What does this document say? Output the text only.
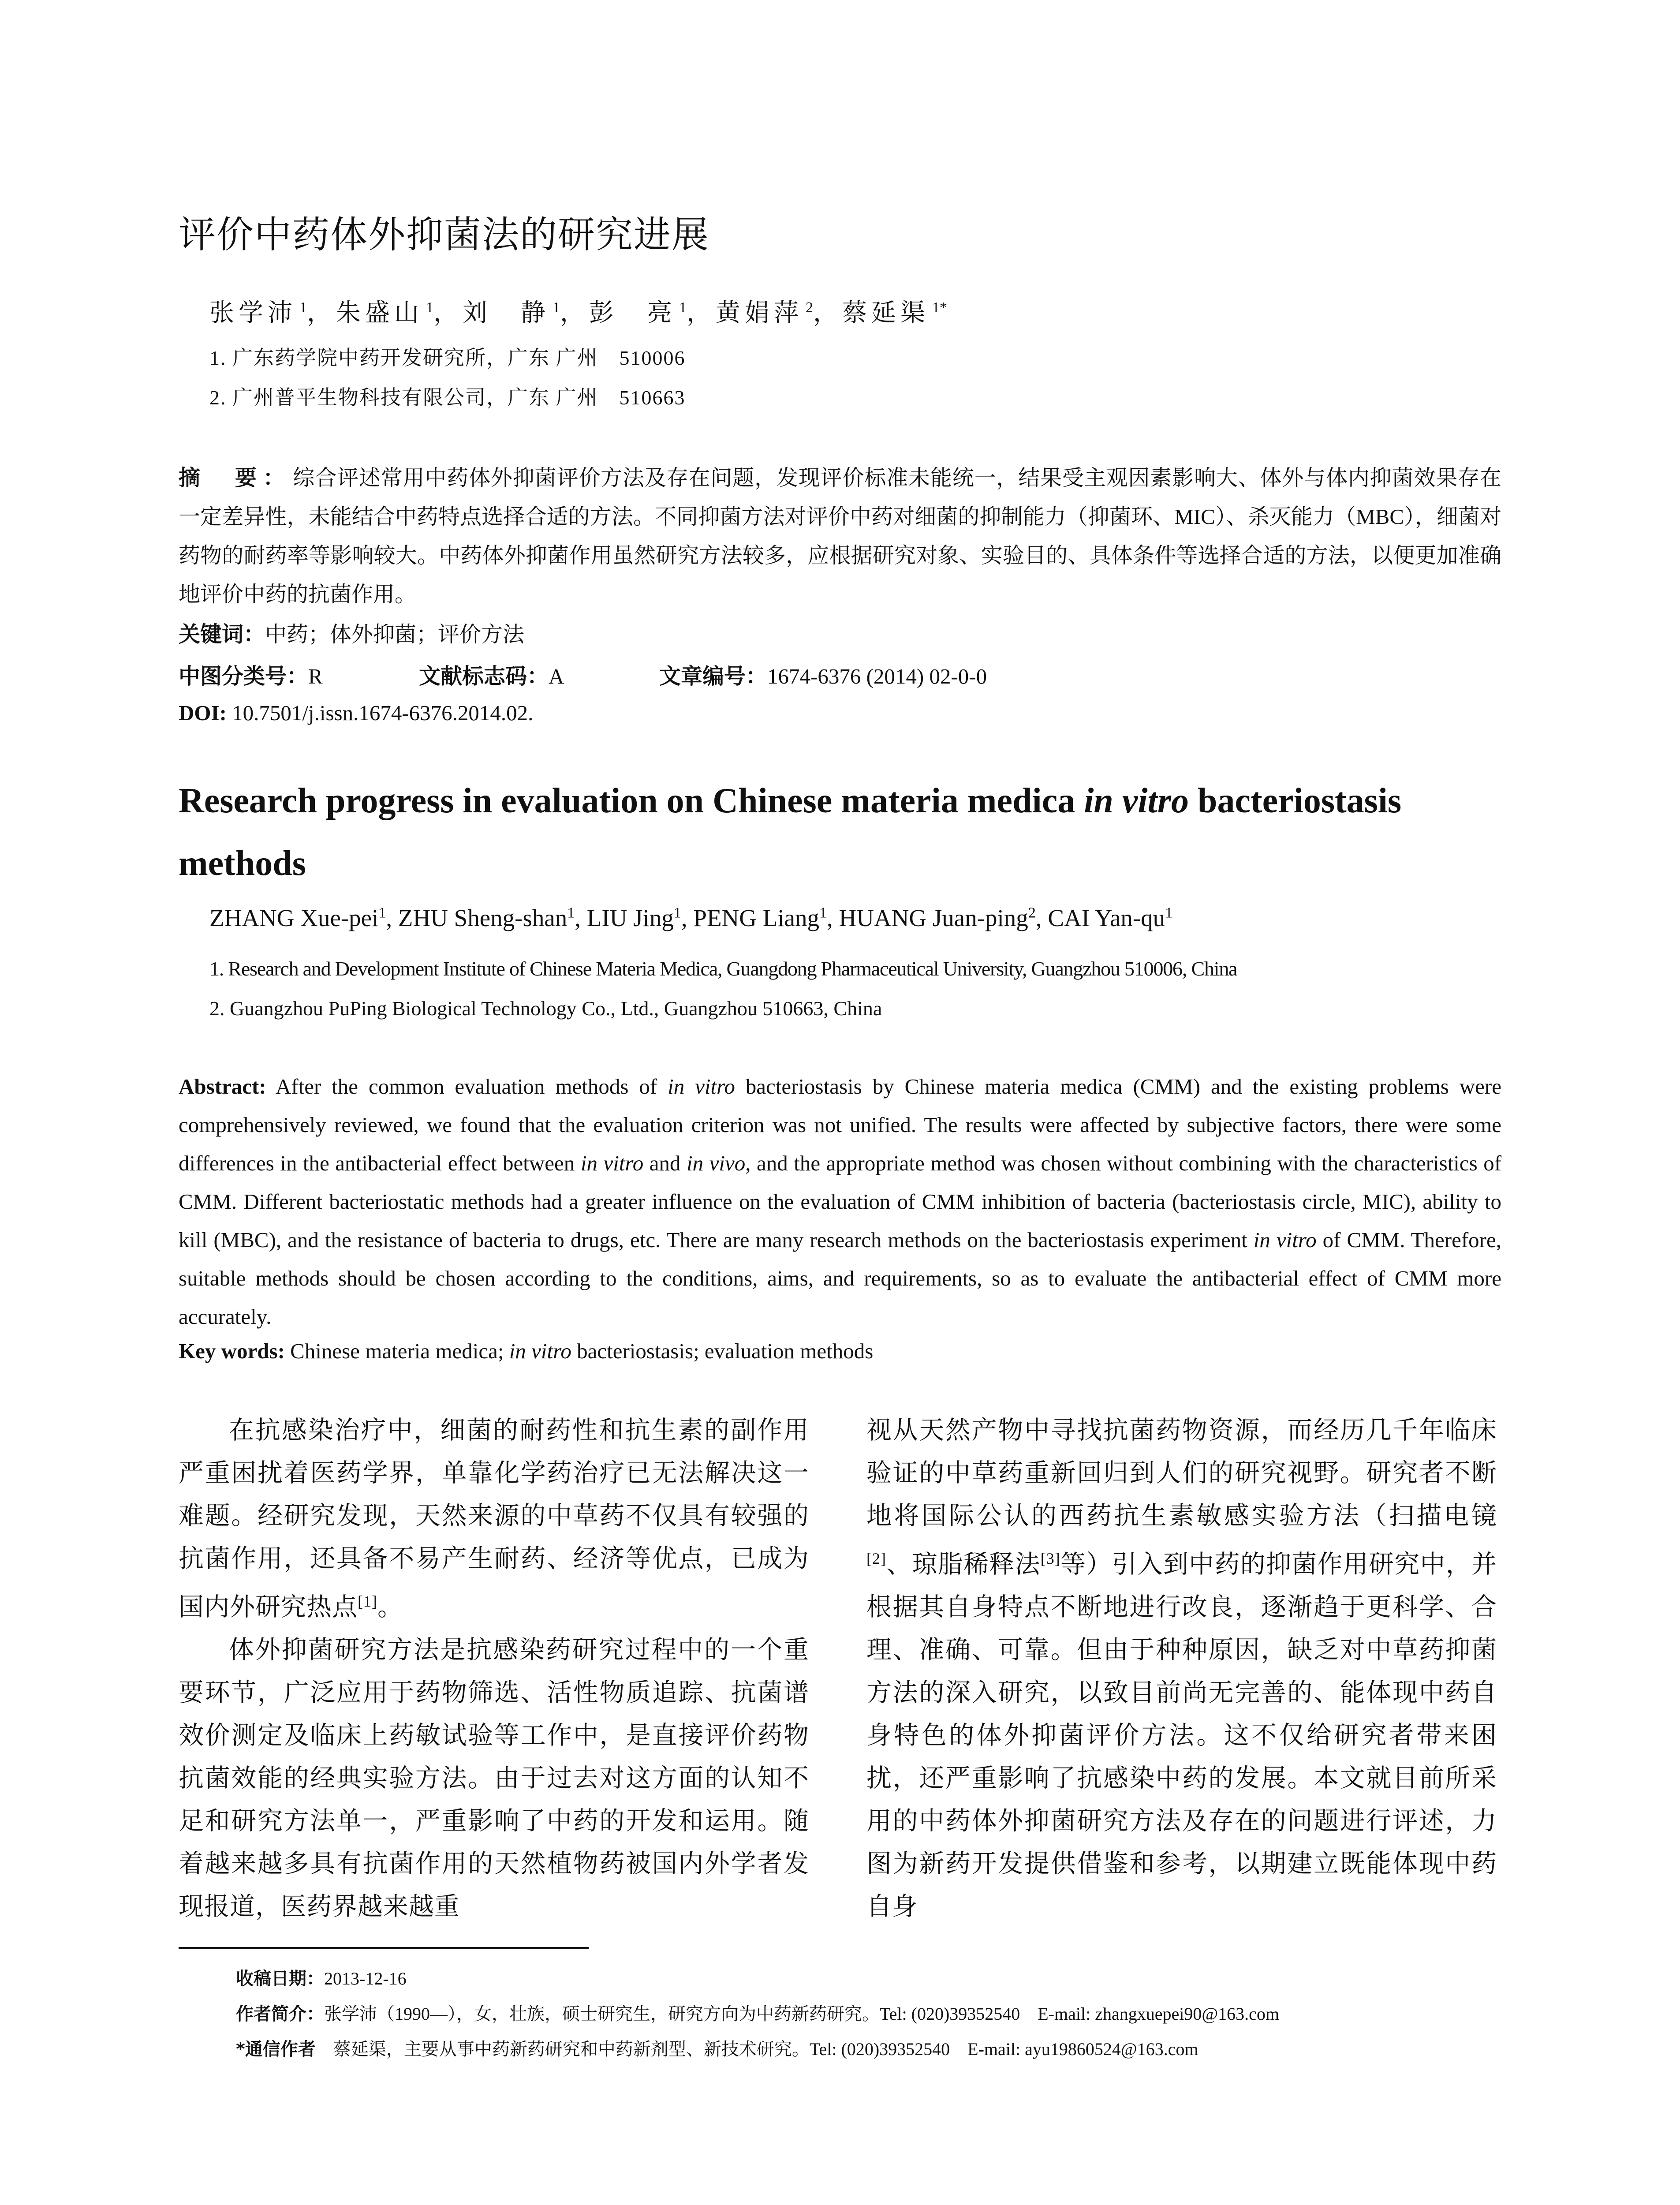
评价中药体外抑菌法的研究进展
张学沛 $^1$，朱盛山 $^1$，刘　静 $^1$，彭　亮 $^1$，黄娟萍 $^2$，蔡延渠 $^{1*}$
1. 广东药学院中药开发研究所，广东 广州　510006
2. 广州普平生物科技有限公司，广东 广州　510663
摘　要：综合评述常用中药体外抑菌评价方法及存在问题，发现评价标准未能统一，结果受主观因素影响大、体外与体内抑菌效果存在一定差异性，未能结合中药特点选择合适的方法。不同抑菌方法对评价中药对细菌的抑制能力（抑菌环、MIC）、杀灭能力（MBC），细菌对药物的耐药率等影响较大。中药体外抑菌作用虽然研究方法较多，应根据研究对象、实验目的、具体条件等选择合适的方法，以便更加准确地评价中药的抗菌作用。
关键词：中药；体外抑菌；评价方法
中图分类号：R	文献标志码：A	文章编号：1674-6376 (2014) 02-0-0
DOI: 10.7501/j.issn.1674-6376.2014.02.
Research progress in evaluation on Chinese materia medica in vitro bacteriostasis methods
ZHANG Xue-pei$^1$, ZHU Sheng-shan$^1$, LIU Jing$^1$, PENG Liang$^1$, HUANG Juan-ping$^2$, CAI Yan-$qu^1$
1. Research and Development Institute of Chinese Materia Medica, Guangdong Pharmaceutical University, Guangzhou 510006, China
2. Guangzhou PuPing Biological Technology Co., Ltd., Guangzhou 510663, China
Abstract: After the common evaluation methods of in vitro bacteriostasis by Chinese materia medica (CMM) and the existing problems were comprehensively reviewed, we found that the evaluation criterion was not unified. The results were affected by subjective factors, there were some differences in the antibacterial effect between in vitro and in vivo, and the appropriate method was chosen without combining with the characteristics of CMM. Different bacteriostatic methods had a greater influence on the evaluation of CMM inhibition of bacteria (bacteriostasis circle, MIC), ability to kill (MBC), and the resistance of bacteria to drugs, etc. There are many research methods on the bacteriostasis experiment in vitro of CMM. Therefore, suitable methods should be chosen according to the conditions, aims, and requirements, so as to evaluate the antibacterial effect of CMM more accurately.
Key words: Chinese materia medica; in vitro bacteriostasis; evaluation methods

在抗感染治疗中，细菌的耐药性和抗生素的副作用严重困扰着医药学界，单靠化学药治疗已无法解决这一难题。经研究发现，天然来源的中草药不仅具有较强的抗菌作用，还具备不易产生耐药、经济等优点，已成为国内外研究热点[1]。

体外抑菌研究方法是抗感染药研究过程中的一个重要环节，广泛应用于药物筛选、活性物质追踪、抗菌谱效价测定及临床上药敏试验等工作中，是直接评价药物抗菌效能的经典实验方法。由于过去对这方面的认知不足和研究方法单一，严重影响了中药的开发和运用。随着越来越多具有抗菌作用的天然植物药被国内外学者发现报道，医药界越来越重

视从天然产物中寻找抗菌药物资源，而经历几千年临床验证的中草药重新回归到人们的研究视野。研究者不断地将国际公认的西药抗生素敏感实验方法（扫描电镜[2]、琼脂稀释法[3]等）引入到中药的抑菌作用研究中，并根据其自身特点不断地进行改良，逐渐趋于更科学、合理、准确、可靠。但由于种种原因，缺乏对中草药抑菌方法的深入研究，以致目前尚无完善的、能体现中药自身特色的体外抑菌评价方法。这不仅给研究者带来困扰，还严重影响了抗感染中药的发展。本文就目前所采用的中药体外抑菌研究方法及存在的问题进行评述，力图为新药开发提供借鉴和参考，以期建立既能体现中药自身

收稿日期：2013-12-16
作者简介：张学沛（1990—），女，壮族，硕士研究生，研究方向为中药新药研究。Tel: (020)39352540　E-mail: zhangxuepei90@163.com
*通信作者　蔡延渠，主要从事中药新药研究和中药新剂型、新技术研究。Tel: (020)39352540　E-mail: ayu19860524@163.com
